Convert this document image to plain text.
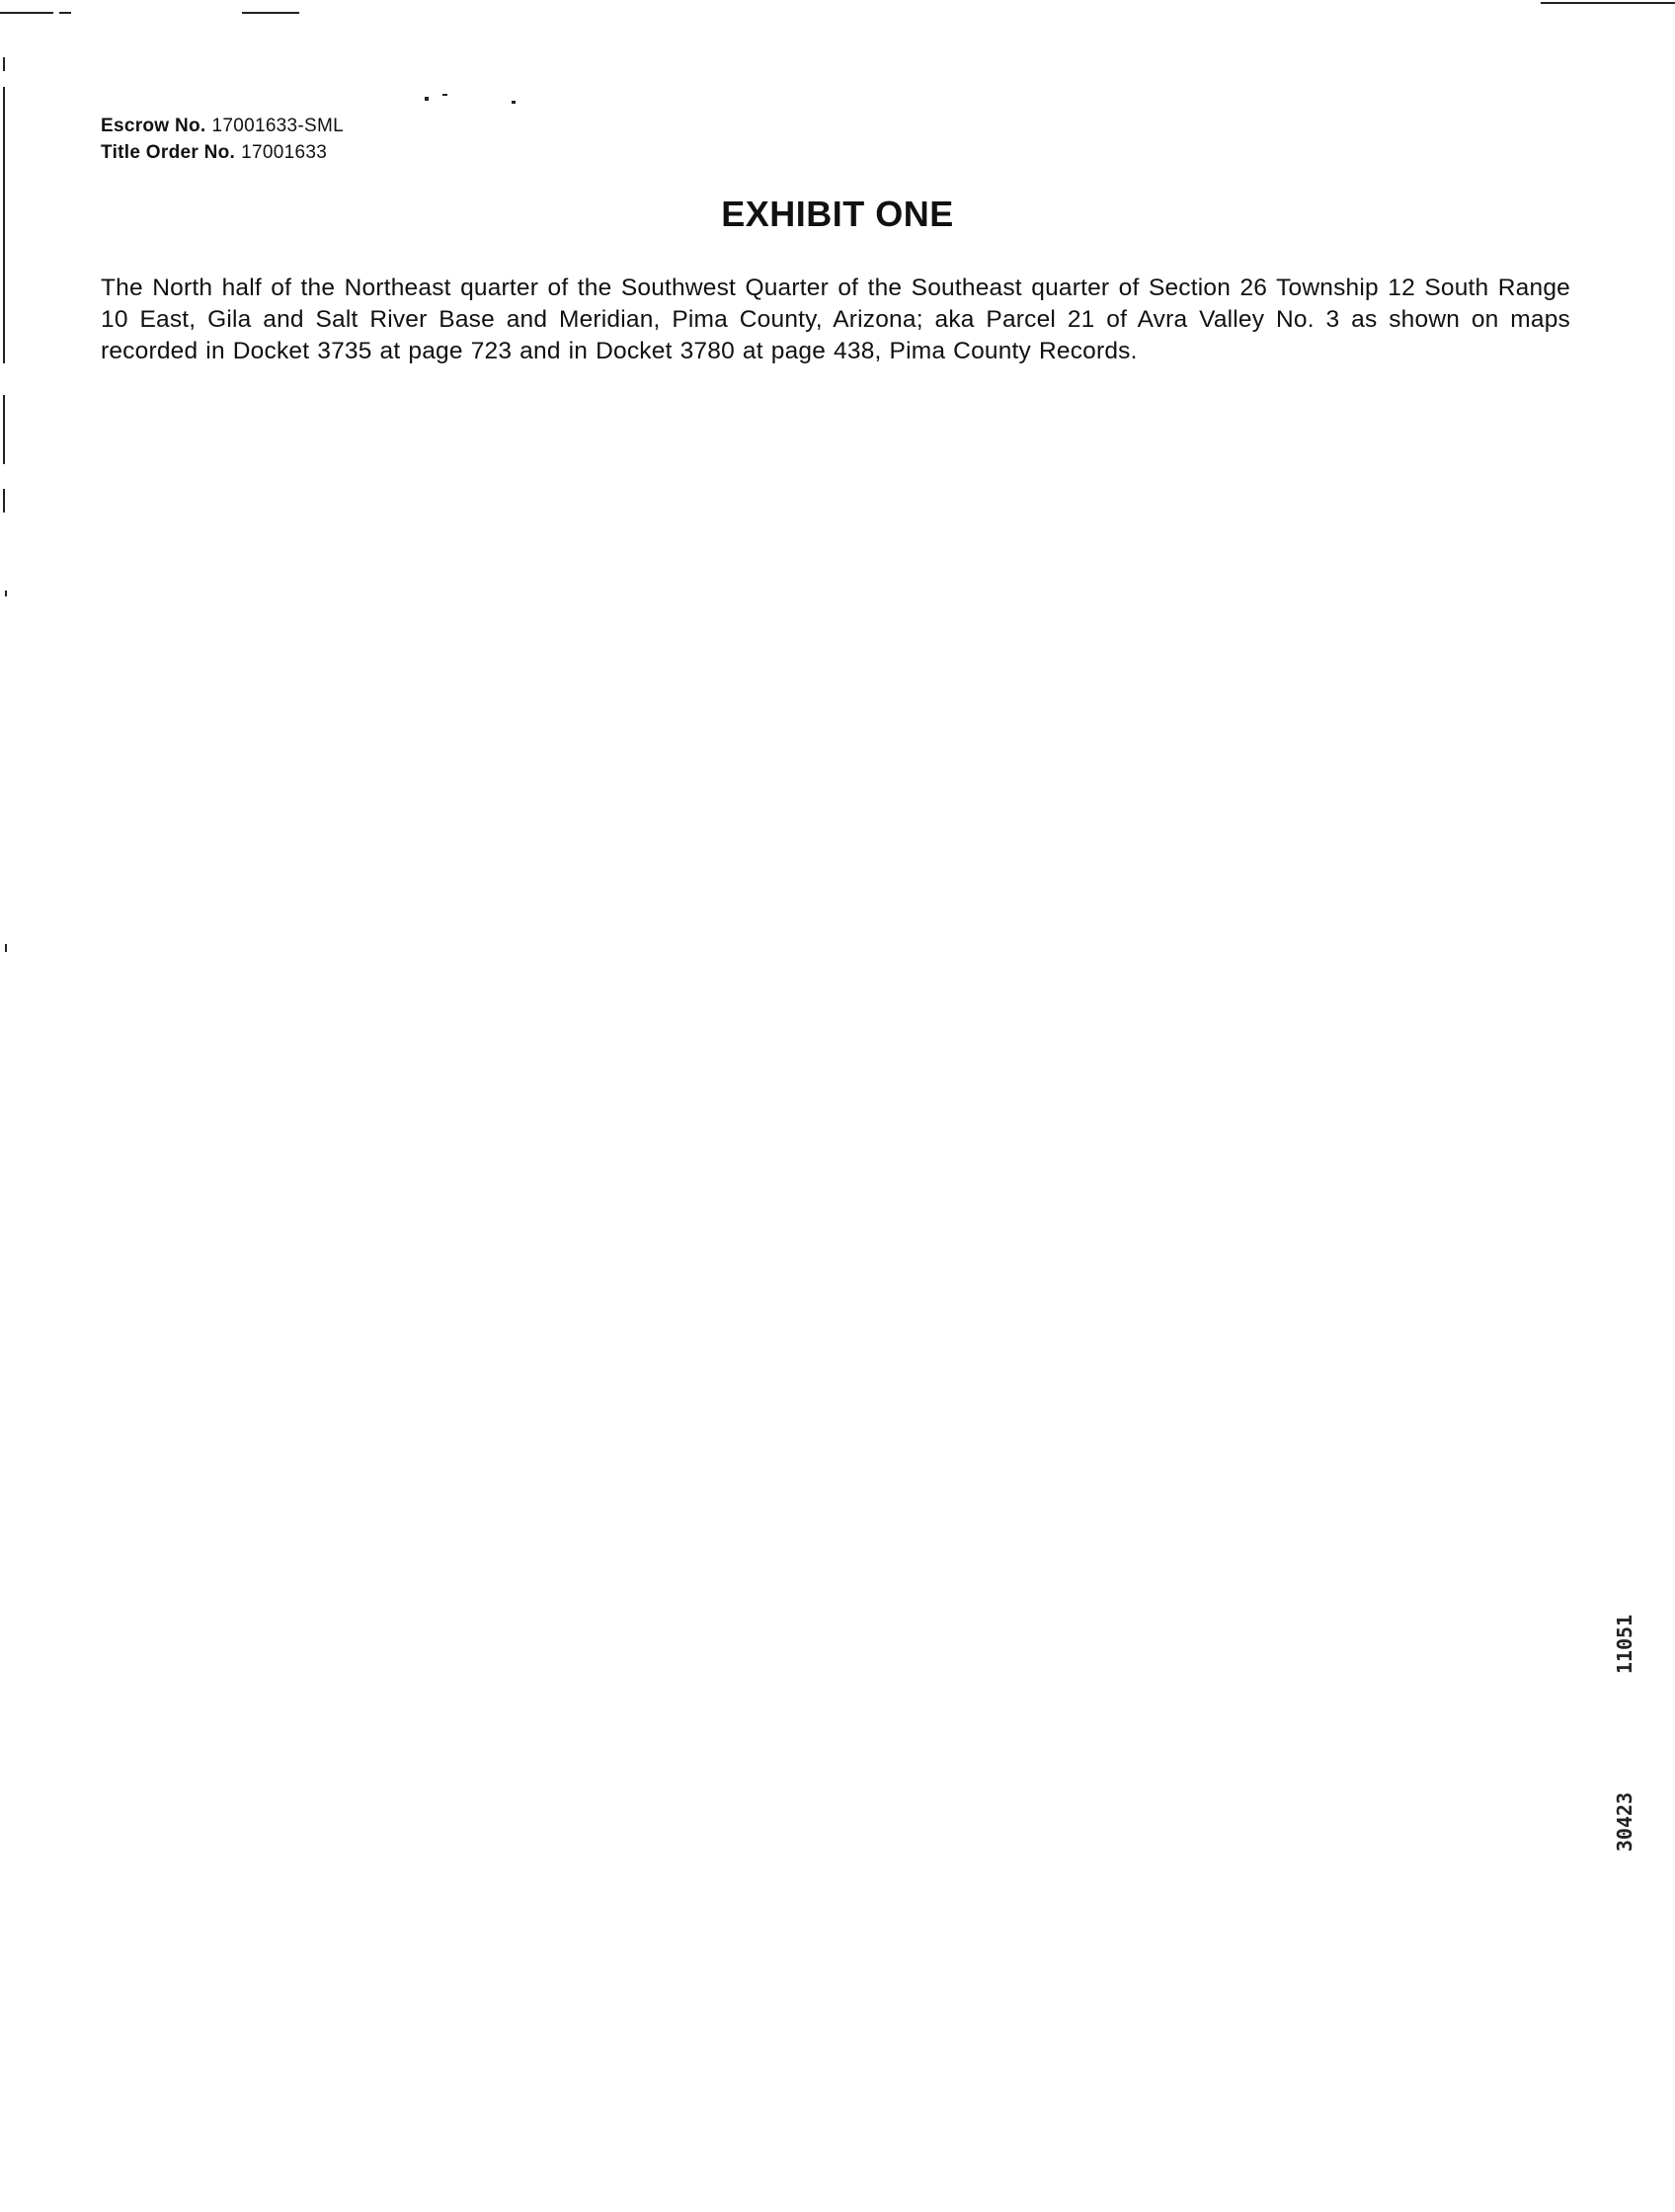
Escrow No. 17001633-SML
Title Order No. 17001633
EXHIBIT ONE
The North half of the Northeast quarter of the Southwest Quarter of the Southeast quarter of Section 26 Township 12 South Range 10 East, Gila and Salt River Base and Meridian, Pima County, Arizona; aka Parcel 21 of Avra Valley No. 3 as shown on maps recorded in Docket 3735 at page 723 and in Docket 3780 at page 438, Pima County Records.
11051
30423
